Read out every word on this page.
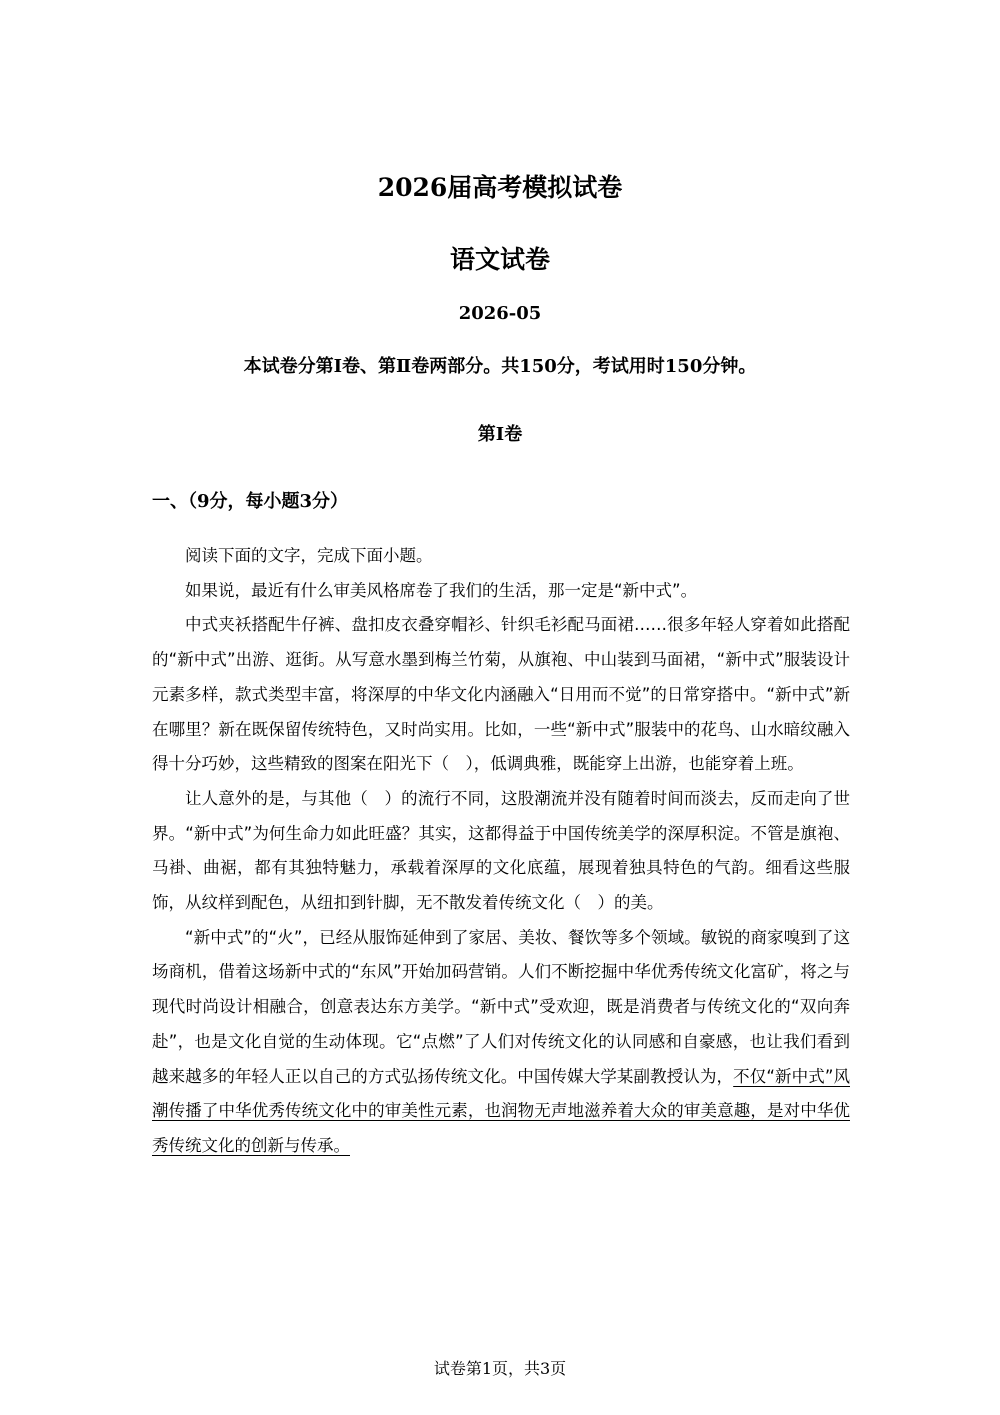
2026届高考模拟试卷
语文试卷
2026-05
本试卷分第Ⅰ卷、第Ⅱ卷两部分。共150分，考试用时150分钟。
第Ⅰ卷
一、（9分，每小题3分）

阅读下面的文字，完成下面小题。

如果说，最近有什么审美风格席卷了我们的生活，那一定是“新中式”。

中式夹袄搭配牛仔裤、盘扣皮衣叠穿帽衫、针织毛衫配马面裙……很多年轻人穿着如此搭配的“新中式”出游、逛街。从写意水墨到梅兰竹菊，从旗袍、中山装到马面裙，“新中式”服装设计元素多样，款式类型丰富，将深厚的中华文化内涵融入“日用而不觉”的日常穿搭中。“新中式”新在哪里？新在既保留传统特色，又时尚实用。比如，一些“新中式”服装中的花鸟、山水暗纹融入得十分巧妙，这些精致的图案在阳光下（　），低调典雅，既能穿上出游，也能穿着上班。

让人意外的是，与其他（　）的流行不同，这股潮流并没有随着时间而淡去，反而走向了世界。“新中式”为何生命力如此旺盛？其实，这都得益于中国传统美学的深厚积淀。不管是旗袍、马褂、曲裾，都有其独特魅力，承载着深厚的文化底蕴，展现着独具特色的气韵。细看这些服饰，从纹样到配色，从纽扣到针脚，无不散发着传统文化（　）的美。

“新中式”的“火”，已经从服饰延伸到了家居、美妆、餐饮等多个领域。敏锐的商家嗅到了这场商机，借着这场新中式的“东风”开始加码营销。人们不断挖掘中华优秀传统文化富矿，将之与现代时尚设计相融合，创意表达东方美学。“新中式”受欢迎，既是消费者与传统文化的“双向奔赴”，也是文化自觉的生动体现。它“点燃”了人们对传统文化的认同感和自豪感，也让我们看到越来越多的年轻人正以自己的方式弘扬传统文化。中国传媒大学某副教授认为，不仅“新中式”风潮传播了中华优秀传统文化中的审美性元素，也润物无声地滋养着大众的审美意趣，是对中华优秀传统文化的创新与传承。

试卷第1页，共3页
